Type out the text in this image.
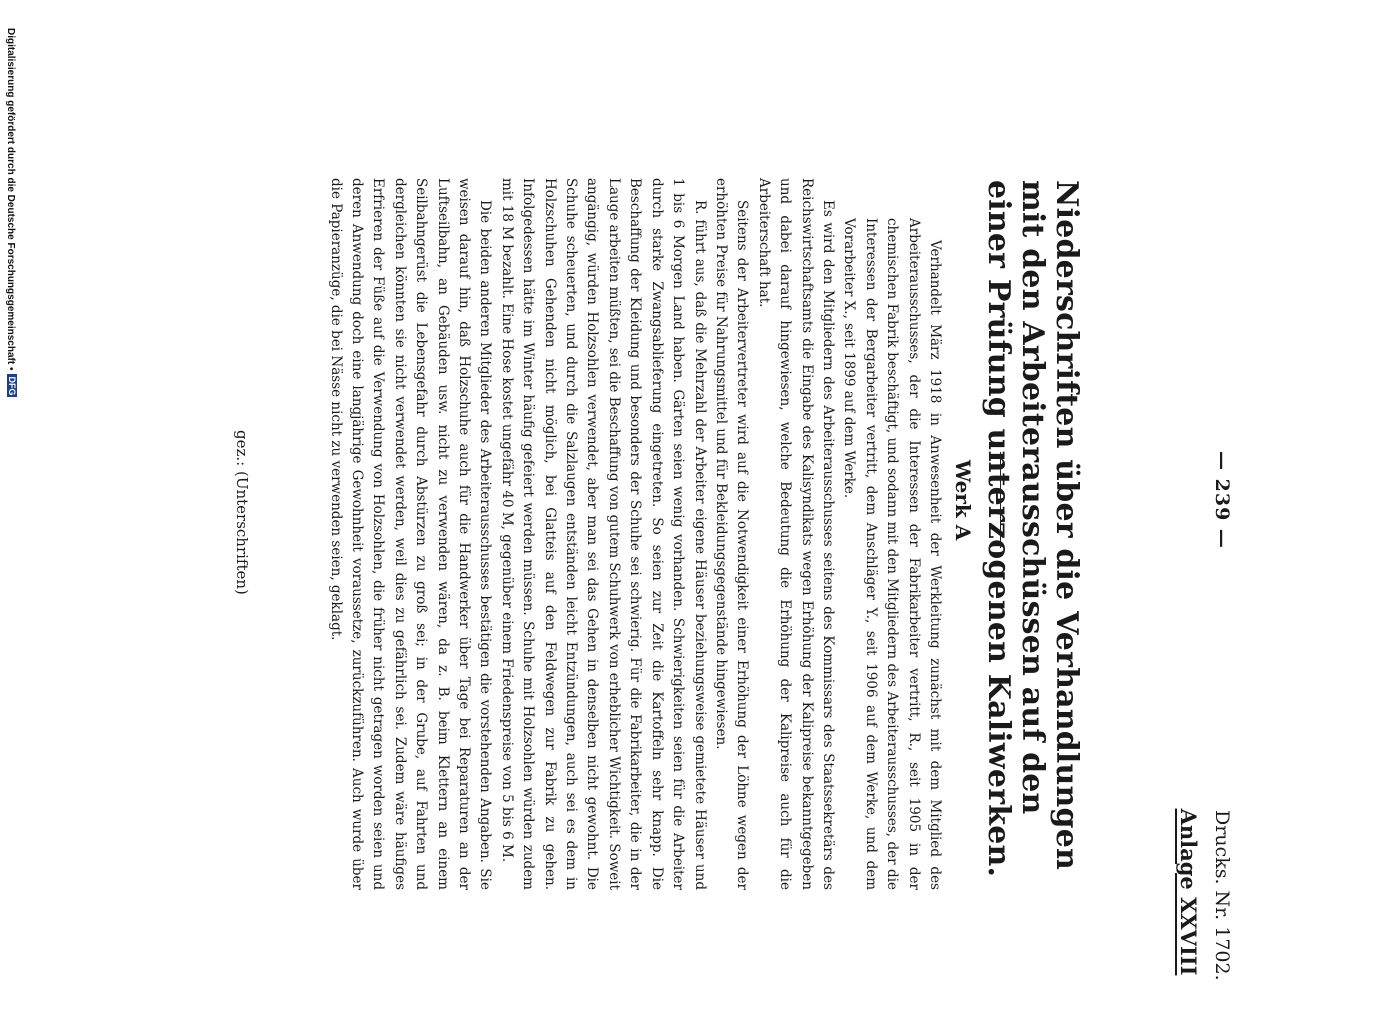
— 239 —
Drucks. Nr. 1702.
Anlage XXVIII
Niederschriften über die Verhandlungen mit den Arbeiterausschüssen auf den einer Prüfung unterzogenen Kaliwerken.
Werk A

Verhandelt März 1918 in Anwesenheit der Werkleitung zunächst mit dem Mitglied des Arbeiterausschusses, der die Interessen der Fabrikarbeiter vertritt, R., seit 1905 in der chemischen Fabrik beschäftigt, und sodann mit den Mitgliedern des Arbeiterausschusses, der die Interessen der Bergarbeiter vertritt, dem Anschläger Y., seit 1906 auf dem Werke, und dem Vorarbeiter X., seit 1899 auf dem Werke.

Es wird den Mitgliedern des Arbeiterausschusses seitens des Kommissars des Staatssekretärs des Reichswirtschaftsamts die Eingabe des Kalisyndikats wegen Erhöhung der Kalipreise bekanntgegeben und dabei darauf hingewiesen, welche Bedeutung die Erhöhung der Kalipreise auch für die Arbeiterschaft hat.

Seitens der Arbeitervertreter wird auf die Notwendigkeit einer Erhöhung der Löhne wegen der erhöhten Preise für Nahrungsmittel und für Bekleidungsgegenstände hingewiesen.

R. führt aus, daß die Mehrzahl der Arbeiter eigene Häuser beziehungsweise gemietete Häuser und 1 bis 6 Morgen Land haben. Gärten seien wenig vorhanden. Schwierigkeiten seien für die Arbeiter durch starke Zwangsablieferung eingetreten. So seien zur Zeit die Kartoffeln sehr knapp. Die Beschaffung der Kleidung und besonders der Schuhe sei schwierig. Für die Fabrikarbeiter, die in der Lauge arbeiten müßten, sei die Beschaffung von gutem Schuhwerk von erheblicher Wichtigkeit. Soweit angängig, würden Holzsohlen verwendet, aber man sei das Gehen in denselben nicht gewohnt. Die Schuhe scheuerten, und durch die Salzlaugen entständen leicht Entzündungen, auch sei es dem in Holzschuhen Gehenden nicht möglich, bei Glatteis auf den Feldwegen zur Fabrik zu gehen. Infolgedessen hätte im Winter häufig gefeiert werden müssen. Schuhe mit Holzsohlen würden zudem mit 18 M bezahlt. Eine Hose kostet ungefähr 40 M, gegenüber einem Friedenspreise von 5 bis 6 M.

Die beiden anderen Mitglieder des Arbeiterausschusses bestätigen die vorstehenden Angaben. Sie weisen darauf hin, daß Holzschuhe auch für die Handwerker über Tage bei Reparaturen an der Luftseilbahn, an Gebäuden usw. nicht zu verwenden wären, da z. B. beim Klettern an einem Seilbahngerüst die Lebensgefahr durch Abstürzen zu groß sei; in der Grube, auf Fahrten und dergleichen könnten sie nicht verwendet werden, weil dies zu gefährlich sei. Zudem wäre häufiges Erfrieren der Füße auf die Verwendung von Holzsohlen, die früher nicht getragen worden seien und deren Anwendung doch eine langjährige Gewohnheit voraussetze, zurückzuführen. Auch wurde über die Papieranzüge, die bei Nässe nicht zu verwenden seien, geklagt.

gez.: (Unterschriften)
Digitalisierung gefördert durch die Deutsche Forschungsgemeinschaft •DFG
